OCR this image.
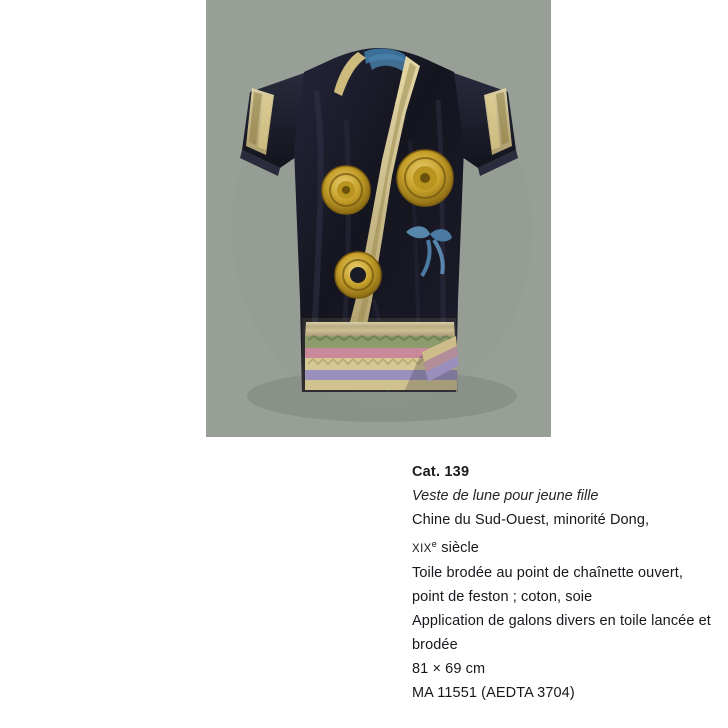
Cat. 139
Veste de lune pour jeune fille
Chine du Sud-Ouest, minorité Dong,
XIXe siècle
Toile brodée au point de chaînette ouvert,
point de feston ; coton, soie
Application de galons divers en toile lancée et
brodée
81 × 69 cm
MA 11551 (AEDTA 3704)
